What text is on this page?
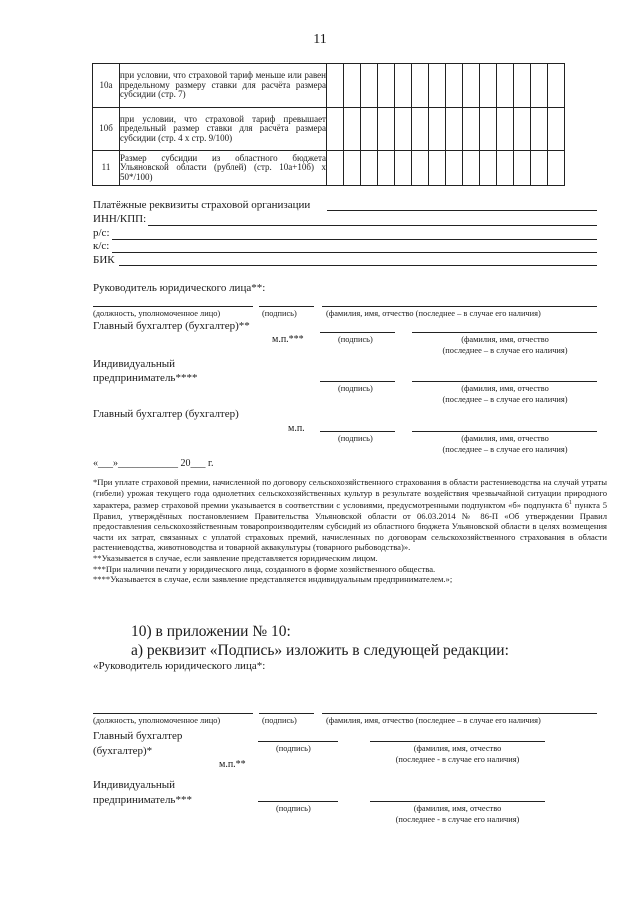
11
10а	при условии, что страховой тариф меньше или равен предельному размеру ставки для расчёта размера субсидии (стр. 7)														
10б	при условии, что страховой тариф превышает предельный размер ставки для расчёта размера субсидии (стр. 4 х стр. 9/100)														
11	Размер субсидии из областного бюджета Ульяновской области (рублей) (стр. 10а+10б) х 50*/100)														
Платёжные реквизиты страховой организации
ИНН/КПП:
р/с:
к/с:
БИК
Руководитель юридического лица**:
(должность, уполномоченное лицо)	(подпись)	(фамилия, имя, отчество (последнее – в случае его наличия)
Главный бухгалтер (бухгалтер)**
м.п.***	(подпись)	(фамилия, имя, отчество
(последнее – в случае его наличия)
Индивидуальный
предприниматель****
(подпись)	(фамилия, имя, отчество
(последнее – в случае его наличия)
Главный бухгалтер (бухгалтер)
м.п.
(подпись)	(фамилия, имя, отчество
(последнее – в случае его наличия)
«___»____________ 20___ г.

*При уплате страховой премии, начисленной по договору сельскохозяйственного страхования в области растениеводства на случай утраты (гибели) урожая текущего года однолетних сельскохозяйственных культур в результате воздействия чрезвычайной ситуации природного характера, размер страховой премии указывается в соответствии с условиями, предусмотренными подпунктом «б» подпункта $6^1$ пункта 5 Правил, утверждённых постановлением Правительства Ульяновской области от 06.03.2014 № 86-П «Об утверждении Правил предоставления сельскохозяйственным товаропроизводителям субсидий из областного бюджета Ульяновской области в целях возмещения части их затрат, связанных с уплатой страховых премий, начисленных по договорам сельскохозяйственного страхования в области растениеводства, животноводства и товарной аквакультуры (товарного рыбоводства)».

**Указывается в случае, если заявление представляется юридическим лицом.

***При наличии печати у юридического лица, созданного в форме хозяйственного общества.

****Указывается в случае, если заявление представляется индивидуальным предпринимателем.»;

10) в приложении № 10:
а) реквизит «Подпись» изложить в следующей редакции:
«Руководитель юридического лица*:
(должность, уполномоченное лицо)	(подпись)	(фамилия, имя, отчество (последнее – в случае его наличия)
Главный бухгалтер
(бухгалтер)*	(подпись)	(фамилия, имя, отчество
(последнее - в случае его наличия)
м.п.**
Индивидуальный
предприниматель***
(подпись)	(фамилия, имя, отчество
(последнее - в случае его наличия)
